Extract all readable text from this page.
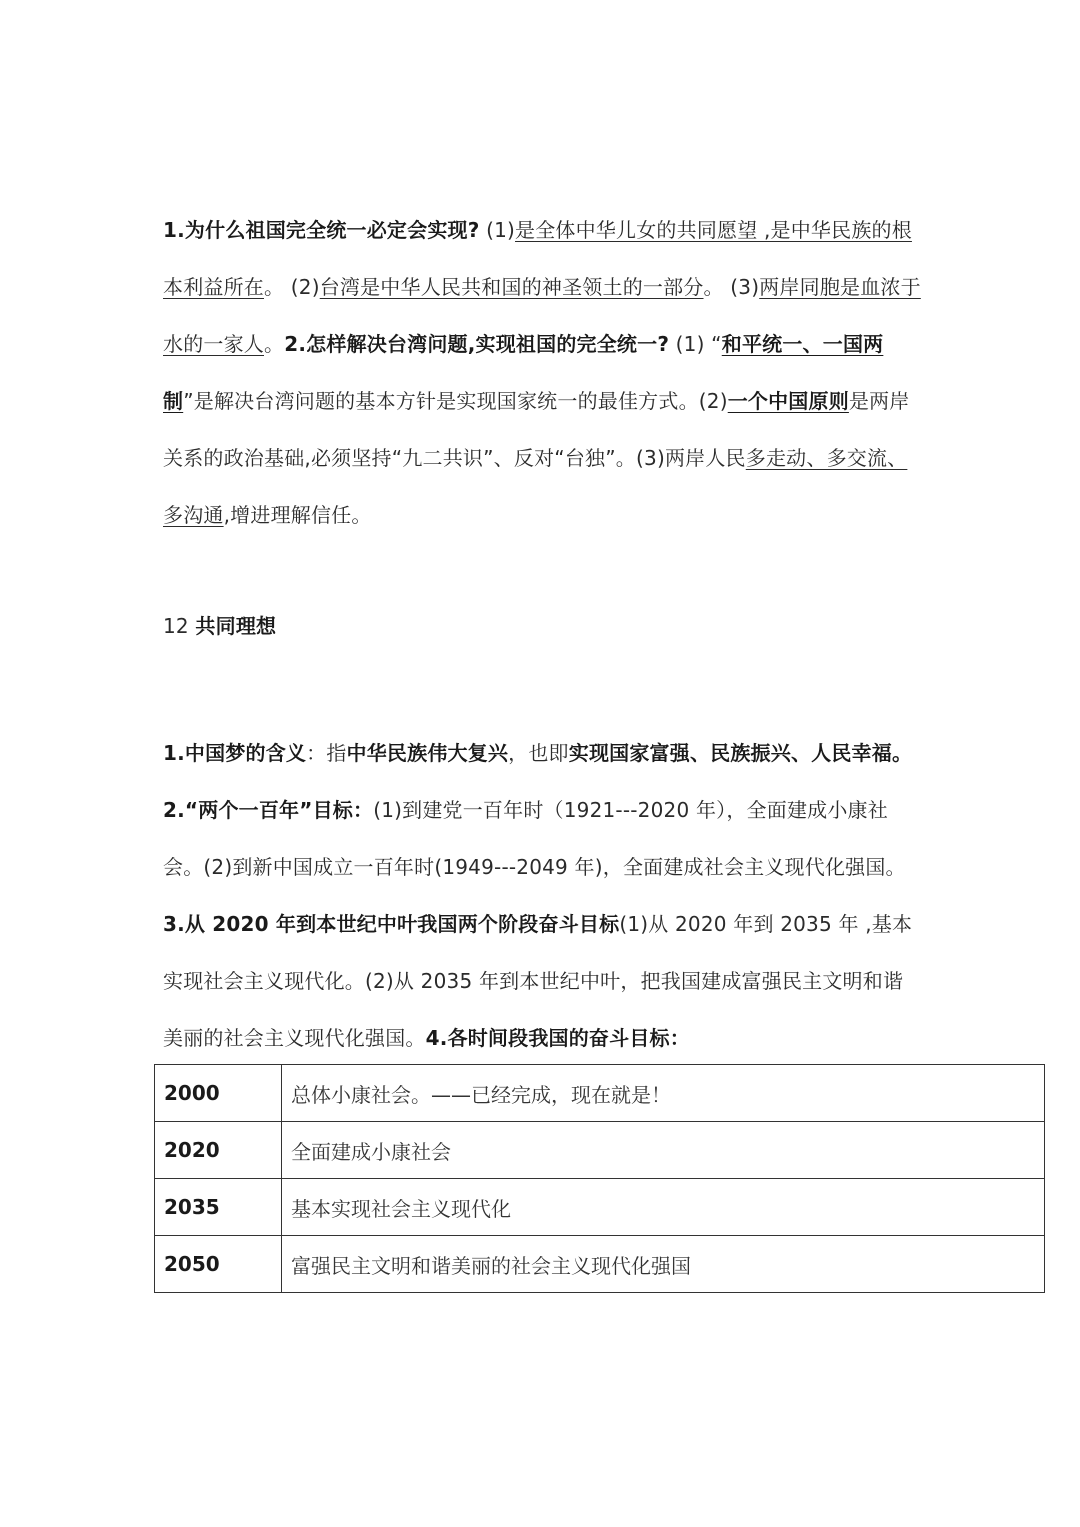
1.为什么祖国完全统一必定会实现? (1)是全体中华儿女的共同愿望 ,是中华民族的根本利益所在。 (2)台湾是中华人民共和国的神圣领土的一部分。 (3)两岸同胞是血浓于水的一家人。2.怎样解决台湾问题,实现祖国的完全统一? (1) “和平统一、一国两制”是解决台湾问题的基本方针是实现国家统一的最佳方式。(2)一个中国原则是两岸关系的政治基础,必须坚持“九二共识”、反对“台独”。(3)两岸人民多走动、多交流、多沟通,增进理解信任。

12 共同理想

1.中国梦的含义：指中华民族伟大复兴，也即实现国家富强、民族振兴、人民幸福。
2.“两个一百年”目标：(1)到建党一百年时（1921---2020 年），全面建成小康社会。(2)到新中国成立一百年时(1949---2049 年)，全面建成社会主义现代化强国。3.从 2020 年到本世纪中叶我国两个阶段奋斗目标(1)从 2020 年到 2035 年 ,基本实现社会主义现代化。(2)从 2035 年到本世纪中叶，把我国建成富强民主文明和谐美丽的社会主义现代化强国。4.各时间段我国的奋斗目标：

2000	总体小康社会。——已经完成，现在就是！
2020	全面建成小康社会
2035	基本实现社会主义现代化
2050	富强民主文明和谐美丽的社会主义现代化强国
